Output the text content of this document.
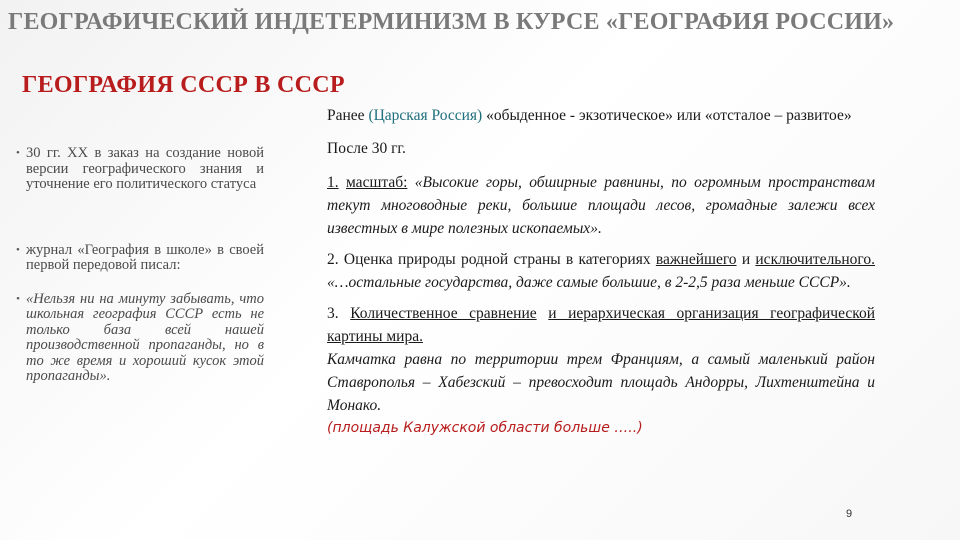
ГЕОГРАФИЧЕСКИЙ ИНДЕТЕРМИНИЗМ В КУРСЕ «ГЕОГРАФИЯ РОССИИ»
ГЕОГРАФИЯ СССР В СССР
• 30 гг. XX в заказ на создание новой версии географического знания и уточнение его политического статуса
• журнал «География в школе» в своей первой передовой писал:
• «Нельзя ни на минуту забывать, что школьная география СССР есть не только база всей нашей производственной пропаганды, но в то же время и хороший кусок этой пропаганды».
Ранее (Царская Россия) «обыденное - экзотическое» или «отсталое – развитое»
После 30 гг.
1. масштаб: «Высокие горы, обширные равнины, по огромным пространствам текут многоводные реки, большие площади лесов, громадные залежи всех известных в мире полезных ископаемых».
2. Оценка природы родной страны в категориях важнейшего и исключительного. «…остальные государства, даже самые большие, в 2-2,5 раза меньше СССР».
3. Количественное сравнение и иерархическая организация географической картины мира.
Камчатка равна по территории трем Франциям, а самый маленький район Ставрополья – Хабезский – превосходит площадь Андорры, Лихтенштейна и Монако.
(площадь Калужской области больше …..)
9
